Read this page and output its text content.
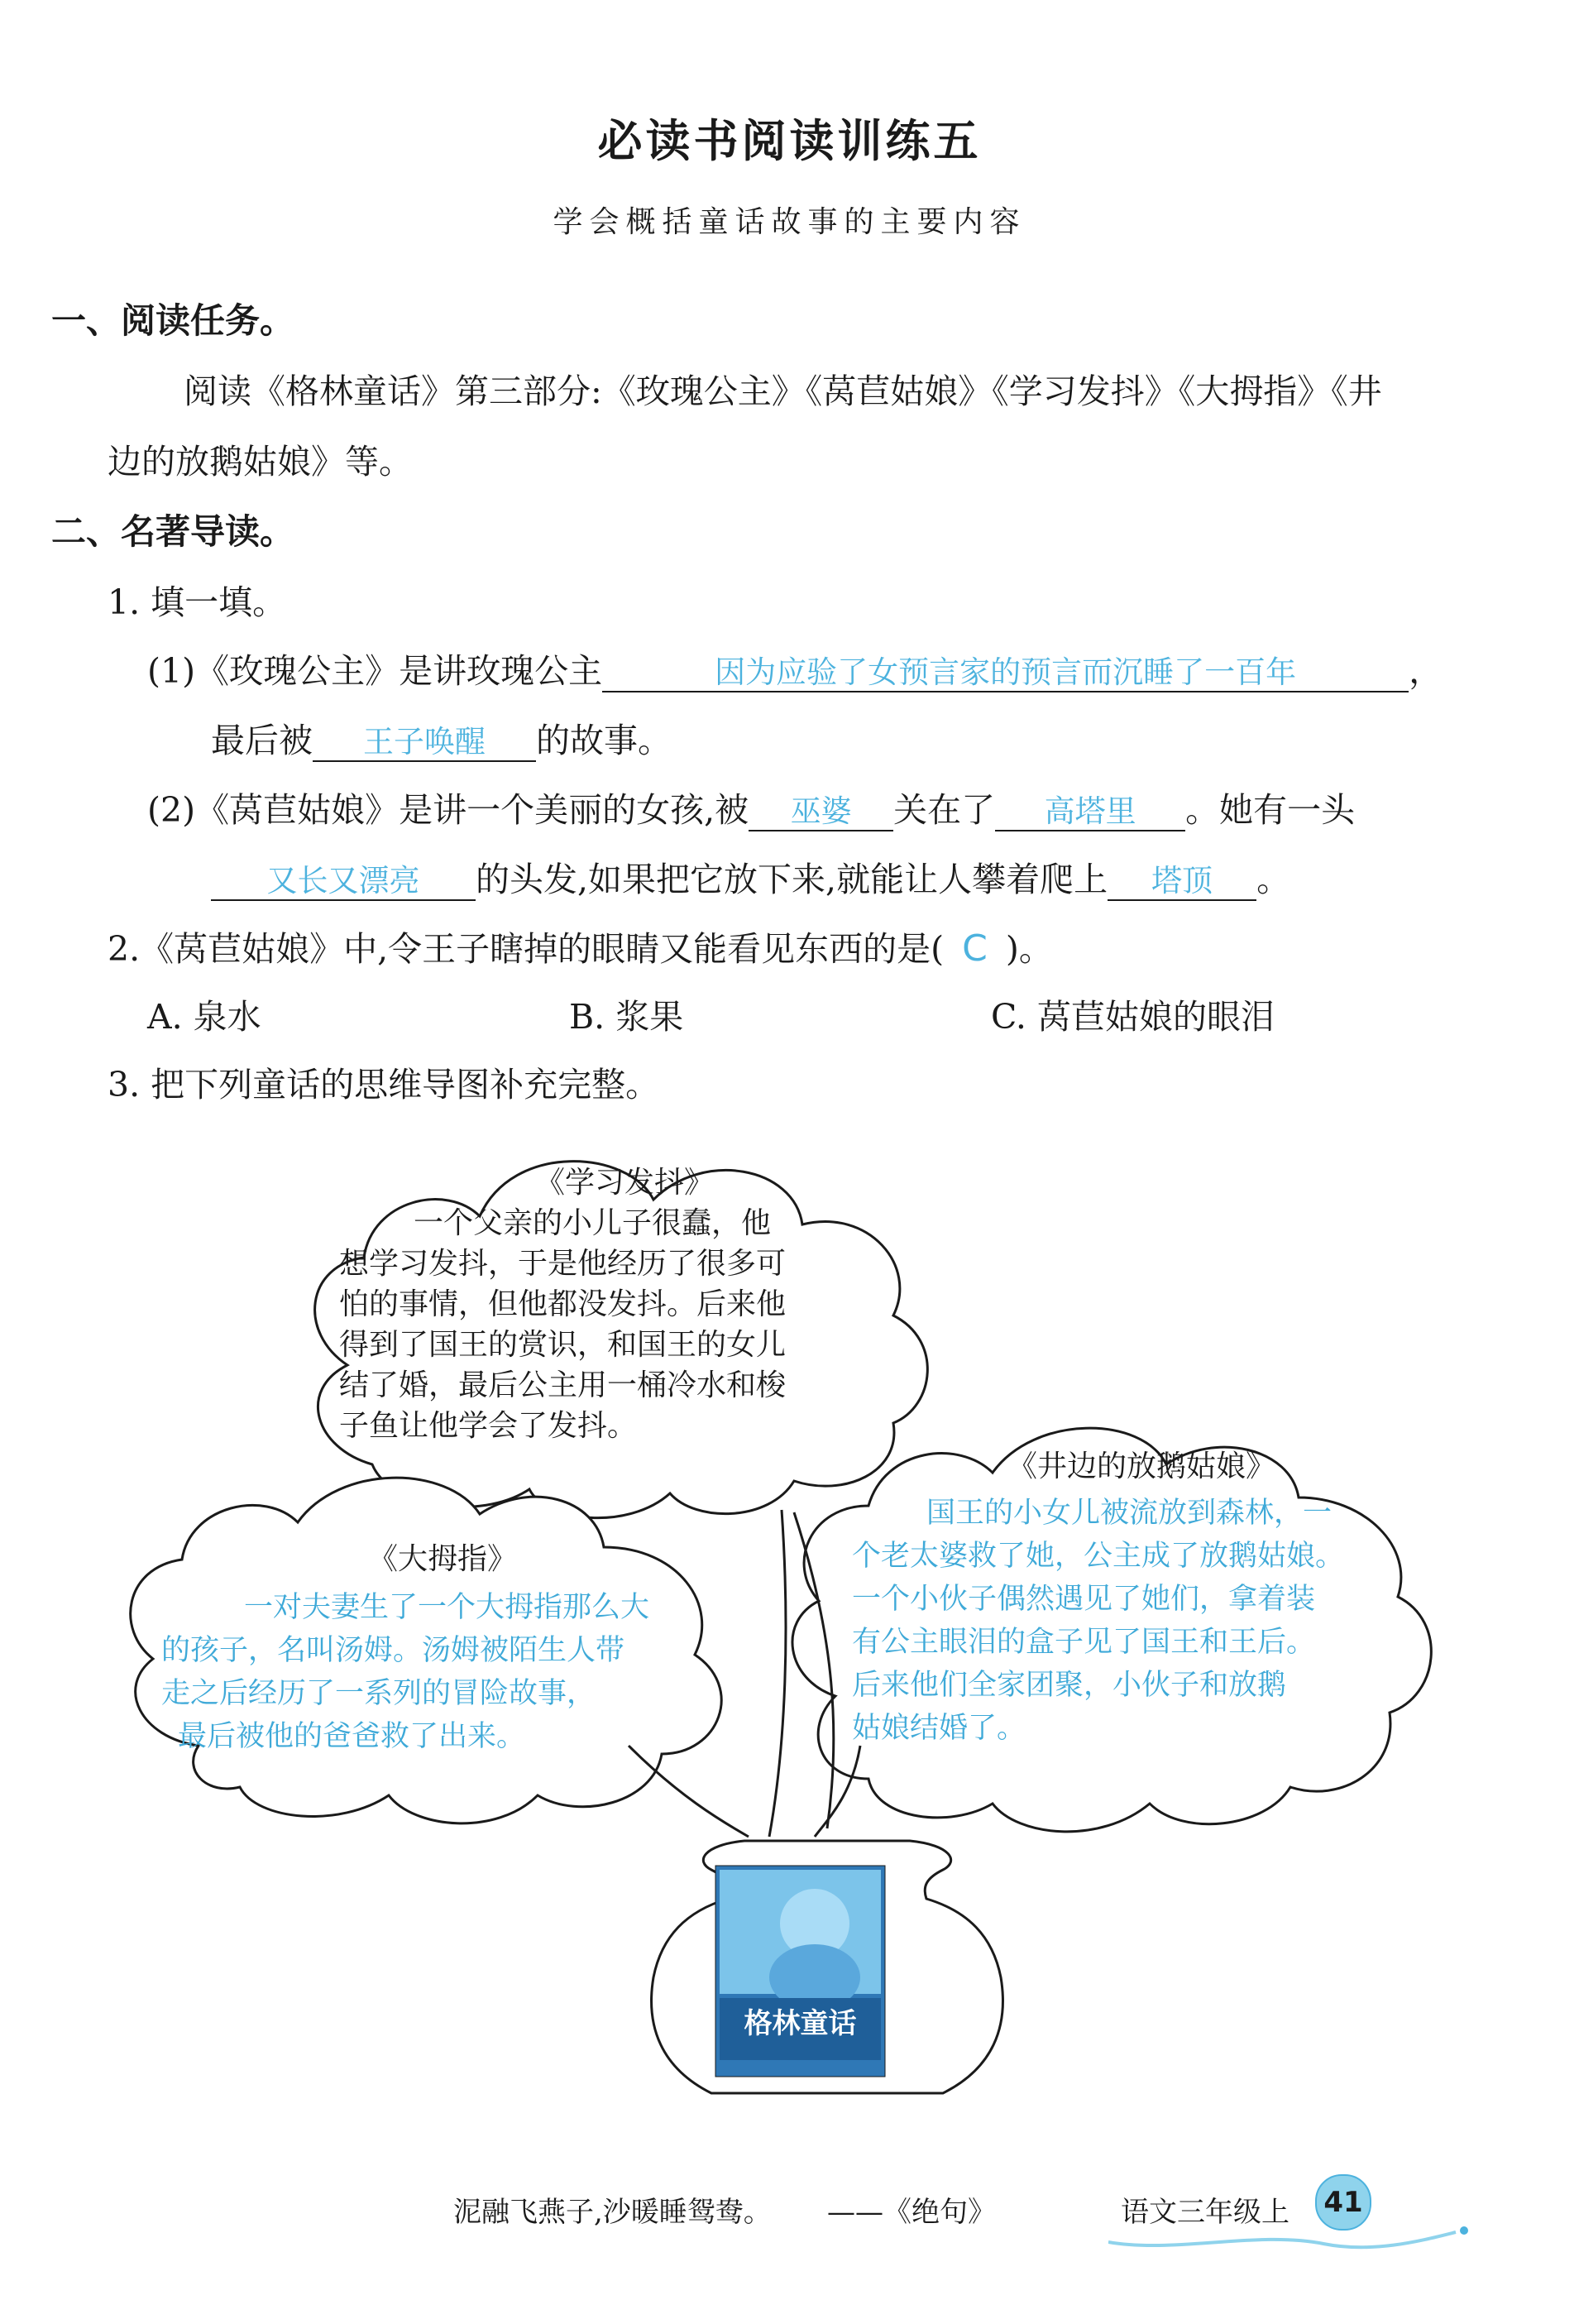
必读书阅读训练五
学会概括童话故事的主要内容
一、阅读任务。
阅读《格林童话》第三部分:《玫瑰公主》《莴苣姑娘》《学习发抖》《大拇指》《井
边的放鹅姑娘》等。
二、名著导读。
1. 填一填。
(1)《玫瑰公主》是讲玫瑰公主	因为应验了女预言家的预言而沉睡了一百年	，
最后被 王子唤醒 的故事。
(2)《莴苣姑娘》是讲一个美丽的女孩,被 巫婆 关在了 高塔里 。她有一头
又长又漂亮 的头发,如果把它放下来,就能让人攀着爬上 塔顶 。
2.《莴苣姑娘》中,令王子瞎掉的眼睛又能看见东西的是( C )。
A. 泉水	B. 浆果	C. 莴苣姑娘的眼泪
3. 把下列童话的思维导图补充完整。
格林童话
《学习发抖》
一个父亲的小儿子很蠢，他
想学习发抖，于是他经历了很多可
怕的事情，但他都没发抖。后来他
得到了国王的赏识，和国王的女儿
结了婚，最后公主用一桶冷水和梭
子鱼让他学会了发抖。
《大拇指》
一对夫妻生了一个大拇指那么大
的孩子，名叫汤姆。汤姆被陌生人带
走之后经历了一系列的冒险故事，
最后被他的爸爸救了出来。
《井边的放鹅姑娘》
国王的小女儿被流放到森林，一
个老太婆救了她，公主成了放鹅姑娘。
一个小伙子偶然遇见了她们，拿着装
有公主眼泪的盒子见了国王和王后。
后来他们全家团聚，小伙子和放鹅
姑娘结婚了。
泥融飞燕子,沙暖睡鸳鸯。 ——《绝句》	语文三年级上	41
